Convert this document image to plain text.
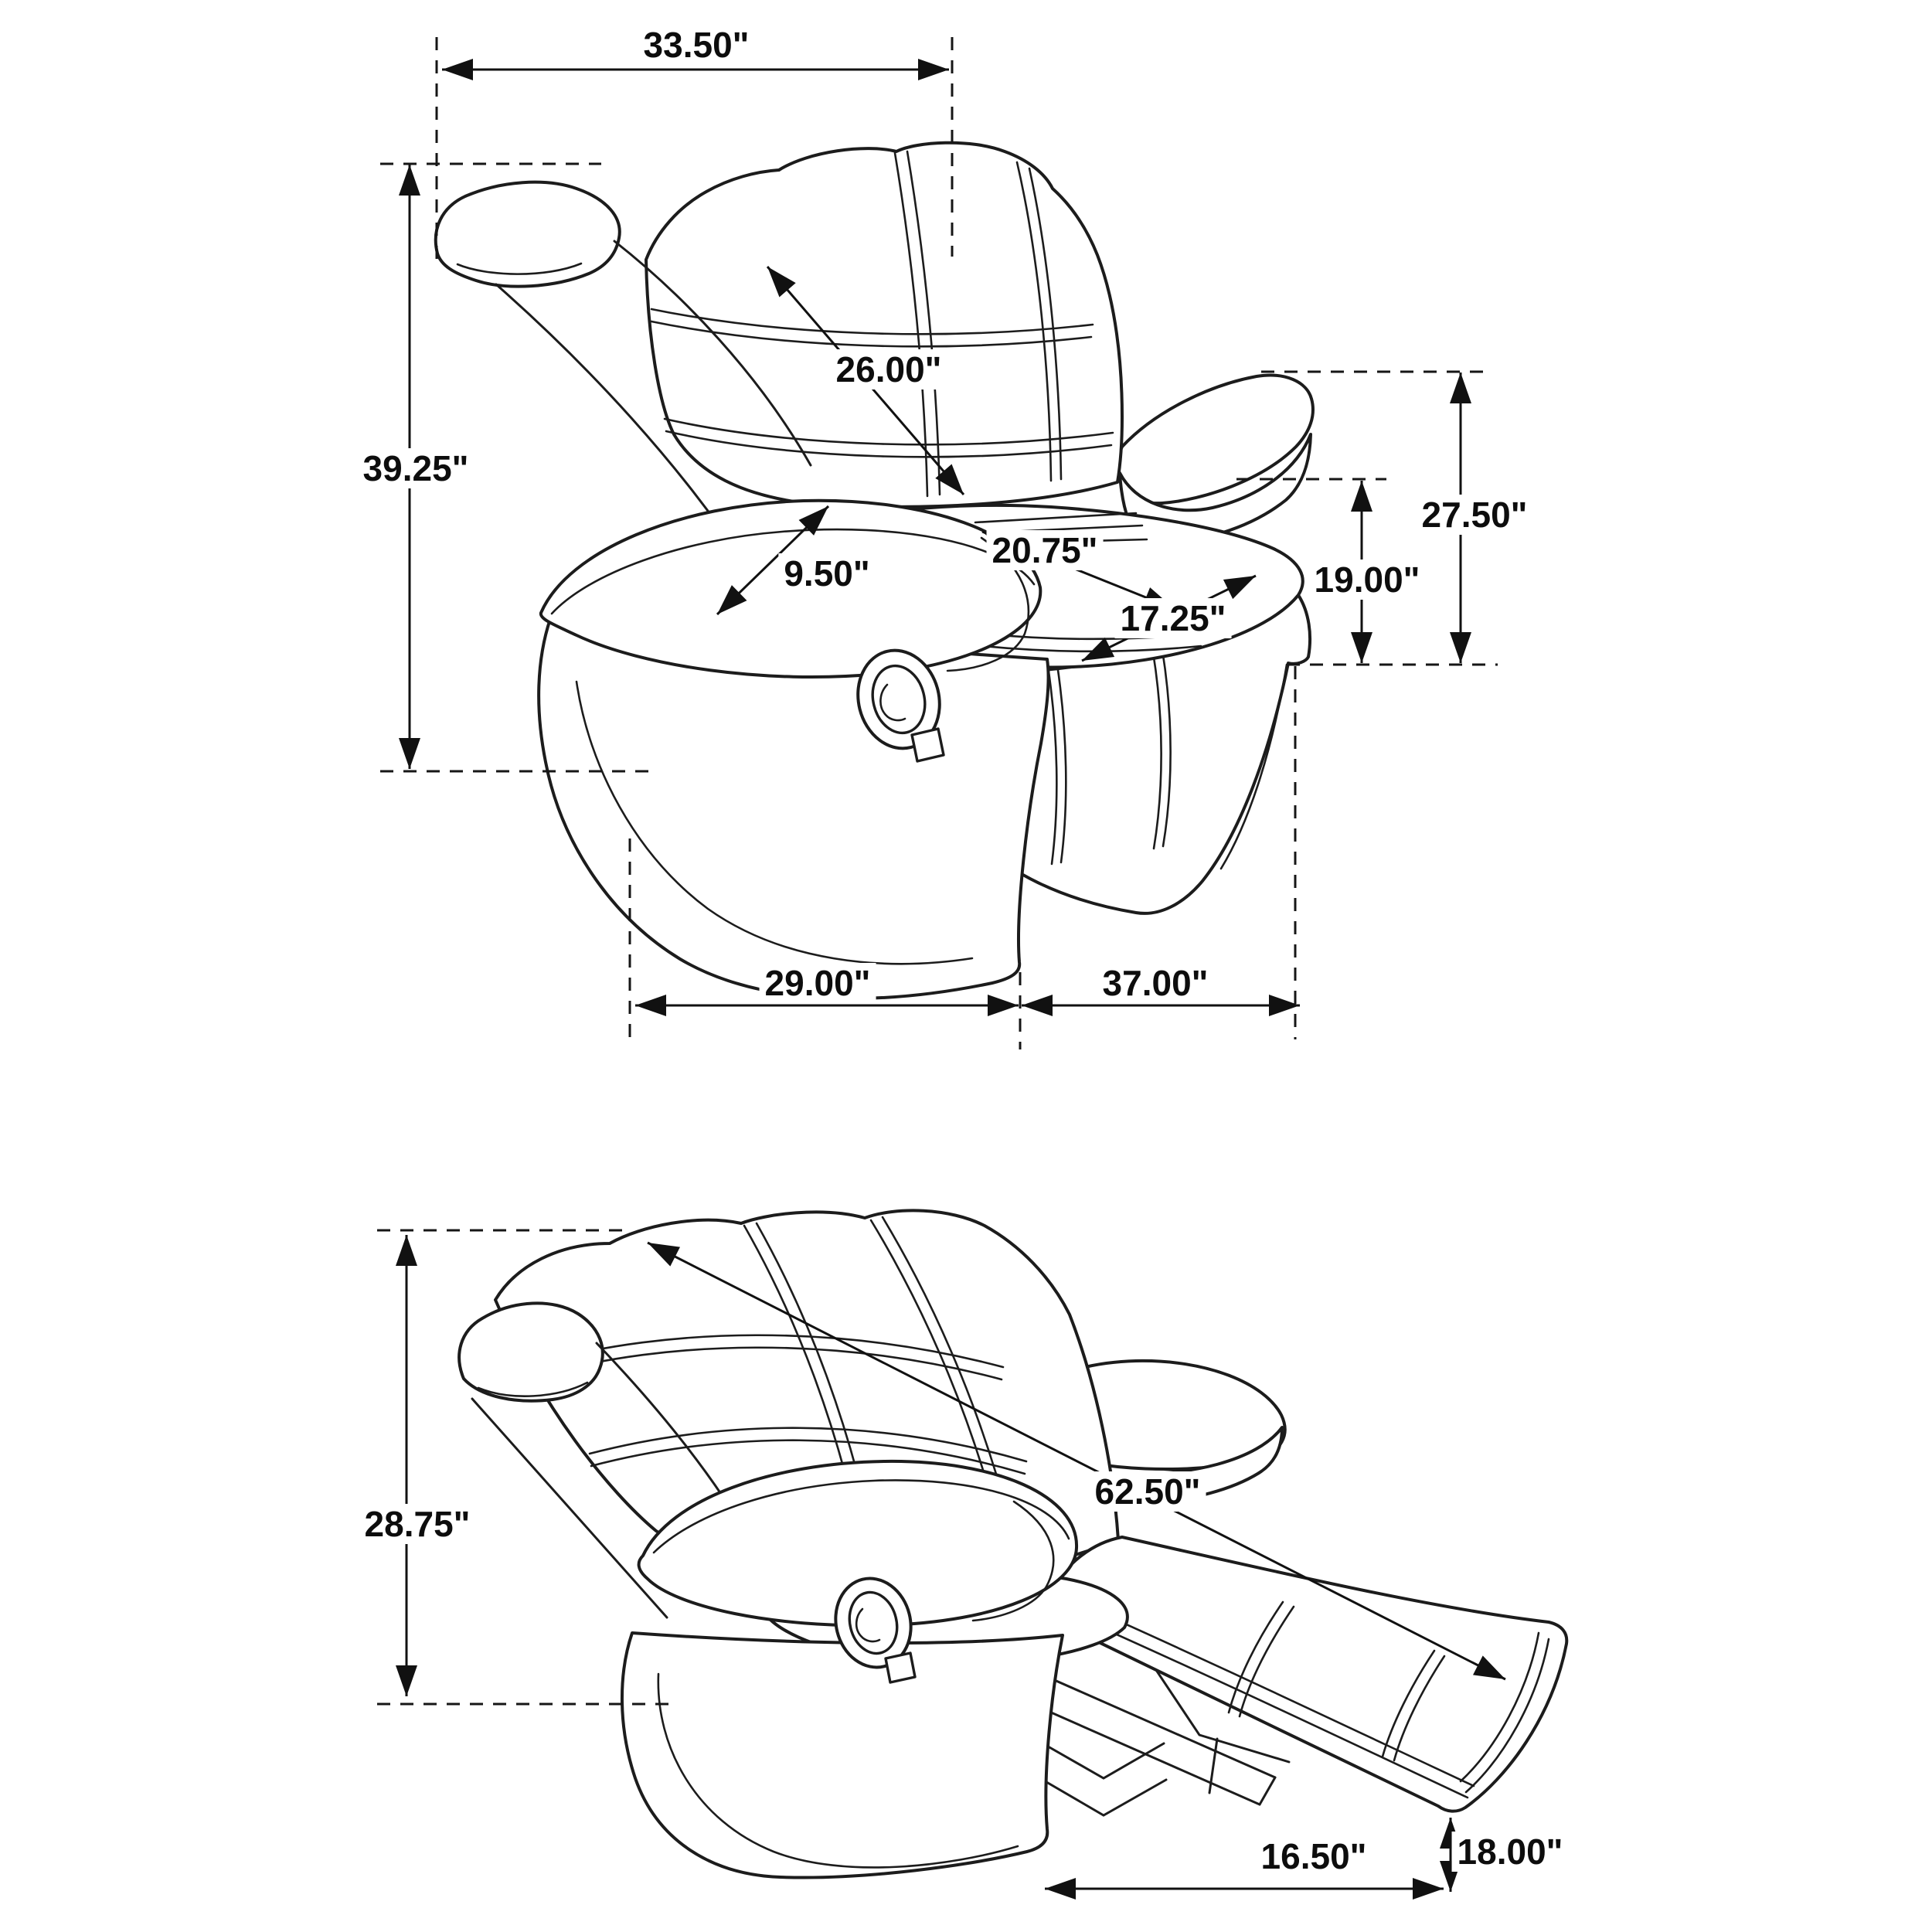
33.50"
39.25"
26.00"
9.50"
20.75"
17.25"
19.00"
27.50"
29.00"	37.00"
28.75"
62.50"
16.50"	18.00"
